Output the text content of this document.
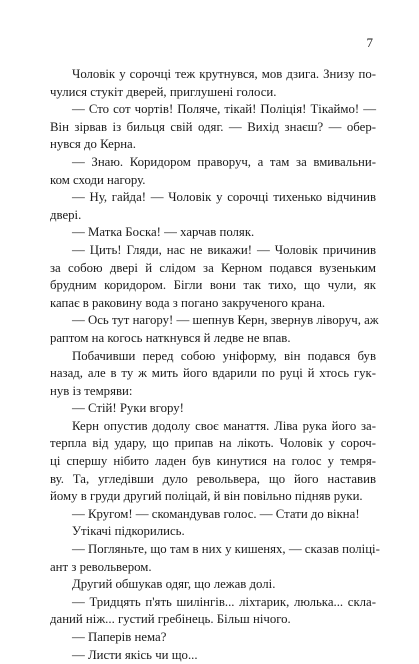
7
Чоловік у сорочці теж крутнувся, мов дзига. Знизу по-
чулися стукіт дверей, приглушені голоси.
— Сто сот чортів! Поляче, тікай! Поліція! Тікаймо! —
Він зірвав із бильця свій одяг. — Вихід знаєш? — обер-
нувся до Керна.
— Знаю. Коридором праворуч, а там за вмивальни-
ком сходи нагору.
— Ну, гайда! — Чоловік у сорочці тихенько відчинив
двері.
— Матка Боска! — харчав поляк.
— Цить! Гляди, нас не викажи! — Чоловік причинив
за собою двері й слідом за Керном подався вузеньким
брудним коридором. Бігли вони так тихо, що чули, як
капає в раковину вода з погано закрученого крана.
— Ось тут нагору! — шепнув Керн, звернув ліворуч, аж
раптом на когось наткнувся й ледве не впав.
Побачивши перед собою уніформу, він подався був
назад, але в ту ж мить його вдарили по руці й хтось гук-
нув із темряви:
— Стій! Руки вгору!
Керн опустив додолу своє манаття. Ліва рука його за-
терпла від удару, що припав на лікоть. Чоловік у сороч-
ці спершу нібито ладен був кинутися на голос у темря-
ву. Та, угледівши дуло револьвера, що його наставив
йому в груди другий поліцай, й він повільно підняв руки.
— Кругом! — скомандував голос. — Стати до вікна!
Утікачі підкорились.
— Погляньте, що там в них у кишенях, — сказав поліці-
ант з револьвером.
Другий обшукав одяг, що лежав долі.
— Тридцять п'ять шилінгів... ліхтарик, люлька... скла-
даний ніж... густий гребінець. Більш нічого.
— Паперів нема?
— Листи якісь чи що...
